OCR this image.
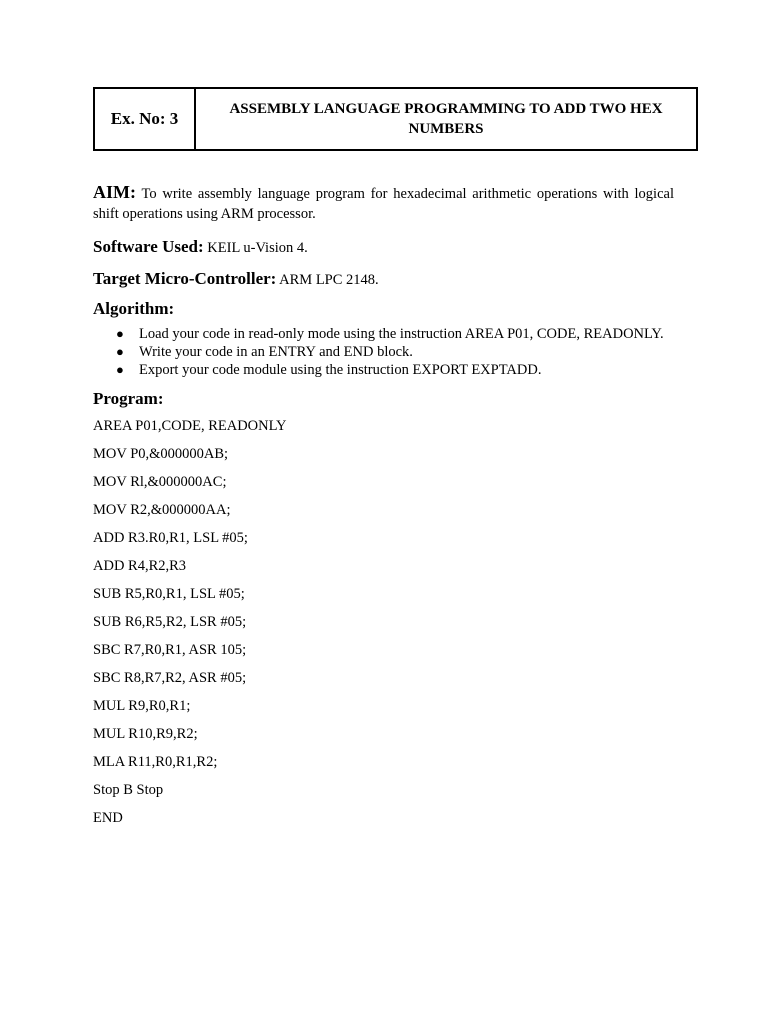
Ex. No: 3	ASSEMBLY LANGUAGE PROGRAMMING TO ADD TWO HEX NUMBERS

AIM: To write assembly language program for hexadecimal arithmetic operations with logical shift operations using ARM processor.

Software Used: KEIL u-Vision 4.

Target Micro-Controller: ARM LPC 2148.

Algorithm:

● Load your code in read-only mode using the instruction AREA P01, CODE, READONLY.
● Write your code in an ENTRY and END block.
● Export your code module using the instruction EXPORT EXPTADD.

Program:

AREA P01,CODE, READONLY
MOV P0,&000000AB;
MOV Rl,&000000AC;
MOV R2,&000000AA;
ADD R3.R0,R1, LSL #05;
ADD R4,R2,R3
SUB R5,R0,R1, LSL #05;
SUB R6,R5,R2, LSR #05;
SBC R7,R0,R1, ASR 105;
SBC R8,R7,R2, ASR #05;
MUL R9,R0,R1;
MUL R10,R9,R2;
MLA R11,R0,R1,R2;
Stop B Stop
END
